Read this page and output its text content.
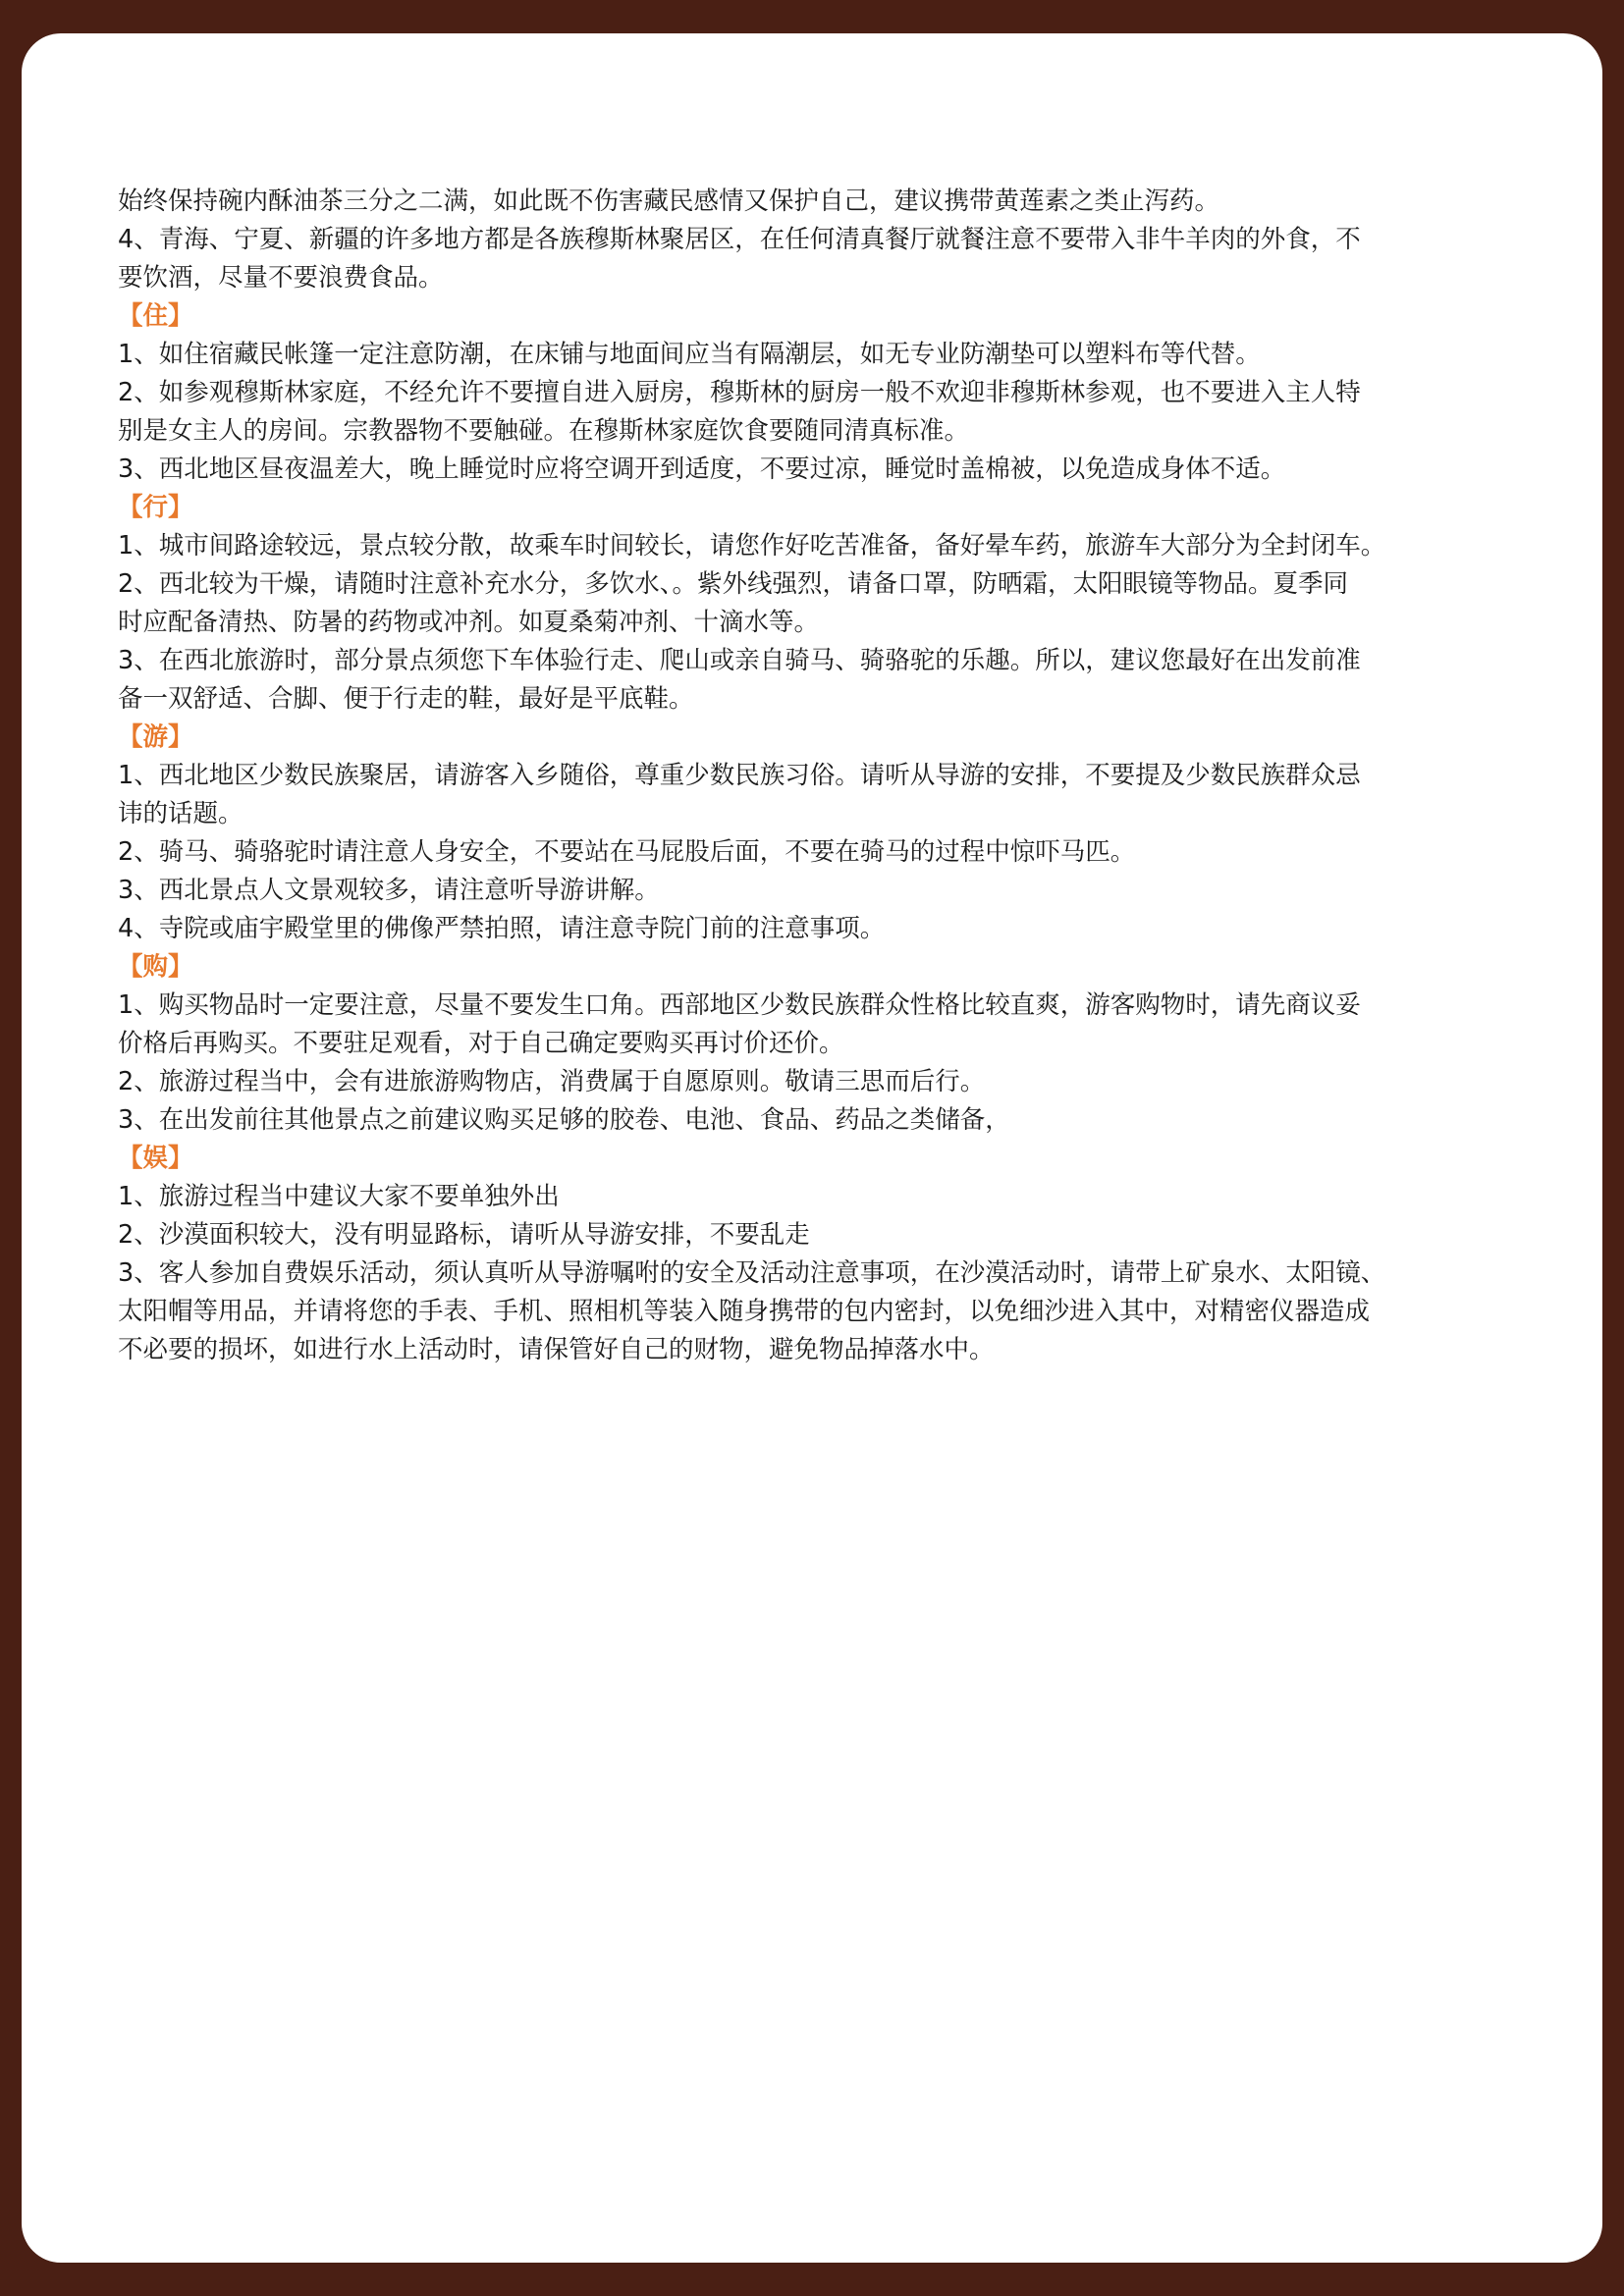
始终保持碗内酥油茶三分之二满，如此既不伤害藏民感情又保护自己，建议携带黄莲素之类止泻药。
4、青海、宁夏、新疆的许多地方都是各族穆斯林聚居区，在任何清真餐厅就餐注意不要带入非牛羊肉的外食，不
要饮酒，尽量不要浪费食品。
【住】
1、如住宿藏民帐篷一定注意防潮，在床铺与地面间应当有隔潮层，如无专业防潮垫可以塑料布等代替。
2、如参观穆斯林家庭，不经允许不要擅自进入厨房，穆斯林的厨房一般不欢迎非穆斯林参观，也不要进入主人特
别是女主人的房间。宗教器物不要触碰。在穆斯林家庭饮食要随同清真标准。
3、西北地区昼夜温差大，晚上睡觉时应将空调开到适度，不要过凉，睡觉时盖棉被，以免造成身体不适。
【行】
1、城市间路途较远，景点较分散，故乘车时间较长，请您作好吃苦准备，备好晕车药，旅游车大部分为全封闭车。
2、西北较为干燥，请随时注意补充水分，多饮水、。紫外线强烈，请备口罩，防晒霜，太阳眼镜等物品。夏季同
时应配备清热、防暑的药物或冲剂。如夏桑菊冲剂、十滴水等。
3、在西北旅游时，部分景点须您下车体验行走、爬山或亲自骑马、骑骆驼的乐趣。所以，建议您最好在出发前准
备一双舒适、合脚、便于行走的鞋，最好是平底鞋。
【游】
1、西北地区少数民族聚居，请游客入乡随俗，尊重少数民族习俗。请听从导游的安排，不要提及少数民族群众忌
讳的话题。
2、骑马、骑骆驼时请注意人身安全，不要站在马屁股后面，不要在骑马的过程中惊吓马匹。
3、西北景点人文景观较多，请注意听导游讲解。
4、寺院或庙宇殿堂里的佛像严禁拍照，请注意寺院门前的注意事项。
【购】
1、购买物品时一定要注意，尽量不要发生口角。西部地区少数民族群众性格比较直爽，游客购物时，请先商议妥
价格后再购买。不要驻足观看，对于自己确定要购买再讨价还价。
2、旅游过程当中，会有进旅游购物店，消费属于自愿原则。敬请三思而后行。
3、在出发前往其他景点之前建议购买足够的胶卷、电池、食品、药品之类储备，
【娱】
1、旅游过程当中建议大家不要单独外出
2、沙漠面积较大，没有明显路标，请听从导游安排，不要乱走
3、客人参加自费娱乐活动，须认真听从导游嘱咐的安全及活动注意事项，在沙漠活动时，请带上矿泉水、太阳镜、
太阳帽等用品，并请将您的手表、手机、照相机等装入随身携带的包内密封，以免细沙进入其中，对精密仪器造成
不必要的损坏，如进行水上活动时，请保管好自己的财物，避免物品掉落水中。
